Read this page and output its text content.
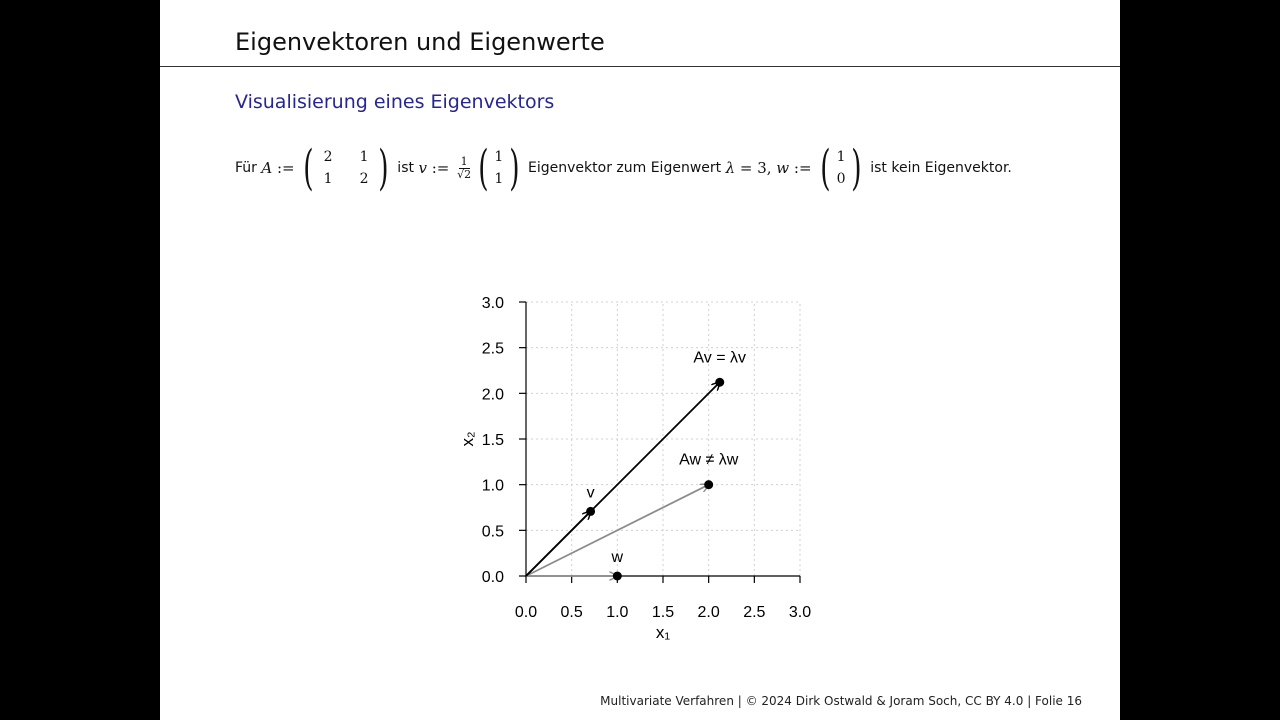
Eigenvektoren und Eigenwerte
Visualisierung eines Eigenvektors
Für A := ( 2	1
1	2 ) ist v := $\frac{1}{√2}$ ( 1
1 ) Eigenvektor zum Eigenwert λ = 3, w := ( 1
0 ) ist kein Eigenvektor.
Multivariate Verfahren | © 2024 Dirk Ostwald & Joram Soch, CC BY 4.0 | Folie 16
0.0
0.0
0.5
0.5
1.0
1.0
1.5
1.5
2.0
2.0
2.5
2.5
3.0
3.0
x₁
x₂
v
w
Av = λv
Aw ≠ λw
